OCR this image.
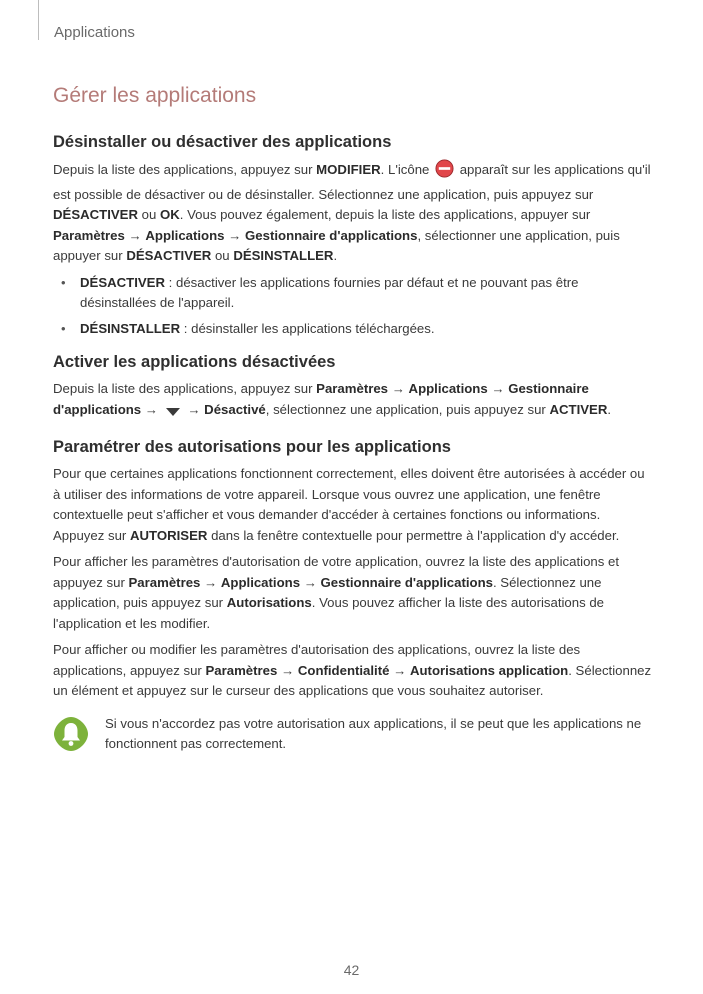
Applications
Gérer les applications
Désinstaller ou désactiver des applications

Depuis la liste des applications, appuyez sur MODIFIER. L'icône  apparaît sur les applications qu'il est possible de désactiver ou de désinstaller. Sélectionnez une application, puis appuyez sur DÉSACTIVER ou OK. Vous pouvez également, depuis la liste des applications, appuyer sur Paramètres → Applications → Gestionnaire d'applications, sélectionner une application, puis appuyer sur DÉSACTIVER ou DÉSINSTALLER.

• DÉSACTIVER : désactiver les applications fournies par défaut et ne pouvant pas être désinstallées de l'appareil.
• DÉSINSTALLER : désinstaller les applications téléchargées.
Activer les applications désactivées

Depuis la liste des applications, appuyez sur Paramètres → Applications → Gestionnaire d'applications →  → Désactivé, sélectionnez une application, puis appuyez sur ACTIVER.

Paramétrer des autorisations pour les applications

Pour que certaines applications fonctionnent correctement, elles doivent être autorisées à accéder ou à utiliser des informations de votre appareil. Lorsque vous ouvrez une application, une fenêtre contextuelle peut s'afficher et vous demander d'accéder à certaines fonctions ou informations. Appuyez sur AUTORISER dans la fenêtre contextuelle pour permettre à l'application d'y accéder.

Pour afficher les paramètres d'autorisation de votre application, ouvrez la liste des applications et appuyez sur Paramètres → Applications → Gestionnaire d'applications. Sélectionnez une application, puis appuyez sur Autorisations. Vous pouvez afficher la liste des autorisations de l'application et les modifier.

Pour afficher ou modifier les paramètres d'autorisation des applications, ouvrez la liste des applications, appuyez sur Paramètres → Confidentialité → Autorisations application. Sélectionnez un élément et appuyez sur le curseur des applications que vous souhaitez autoriser.

Si vous n'accordez pas votre autorisation aux applications, il se peut que les applications ne fonctionnent pas correctement.

42
